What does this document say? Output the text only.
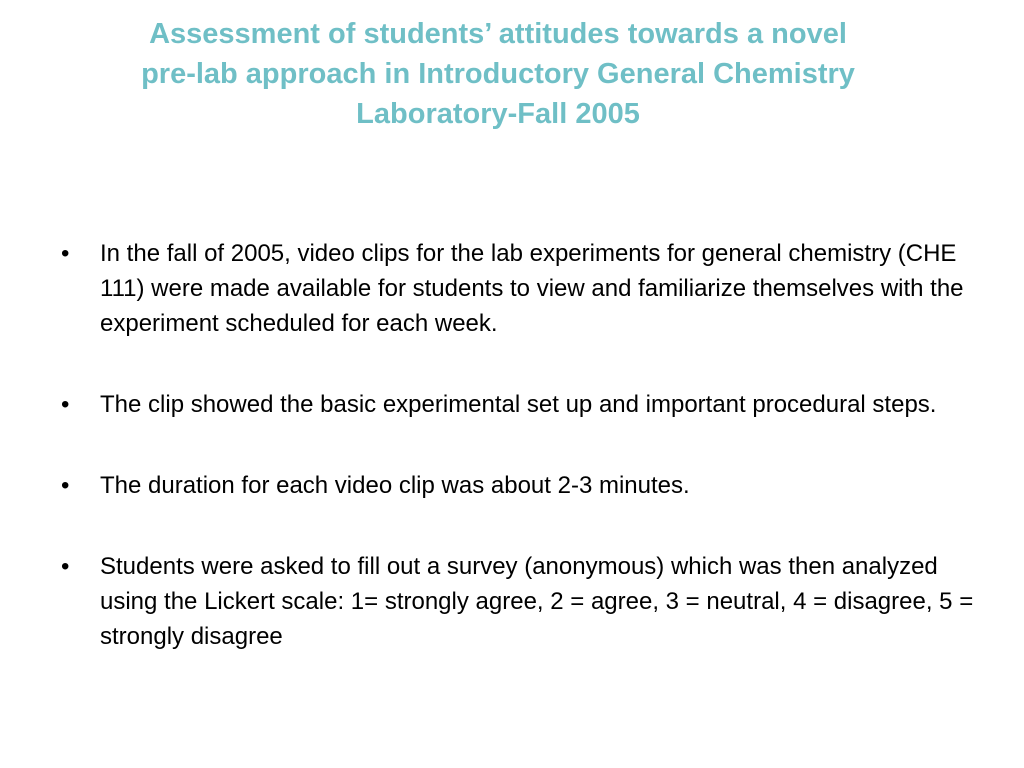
Assessment of students’ attitudes towards a novel
pre-lab approach in Introductory General Chemistry
Laboratory-Fall 2005
• In the fall of 2005, video clips for the lab experiments for general chemistry (CHE 111) were made available for students to view and familiarize themselves with the experiment scheduled for each week.
• The clip showed the basic experimental set up and important procedural steps.
• The duration for each video clip was about 2-3 minutes.
• Students were asked to fill out a survey (anonymous) which was then analyzed using the Lickert scale: 1= strongly agree, 2 = agree, 3 = neutral, 4 = disagree, 5 = strongly disagree
